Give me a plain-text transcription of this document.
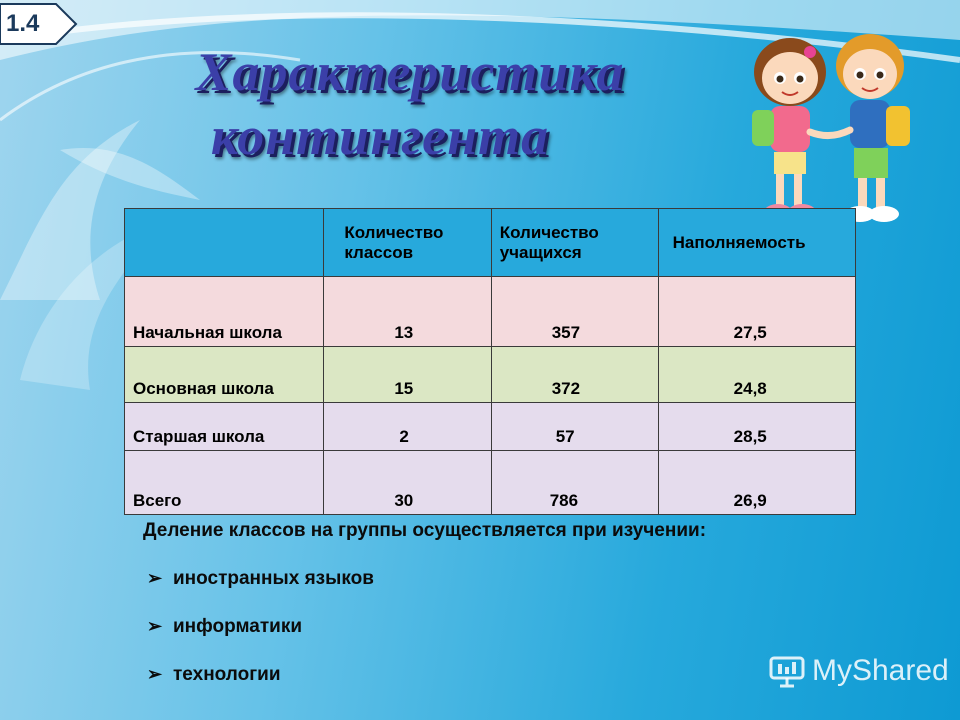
1.4
Характеристика
контингента
	Количество классов	Количество учащихся	Наполняемость
Начальная школа	13	357	27,5
Основная школа	15	372	24,8
Старшая школа	2	57	28,5
Всего	30	786	26,9
Деление классов на группы осуществляется при изучении:
➢ иностранных языков
➢ информатики
➢ технологии	MyShared
